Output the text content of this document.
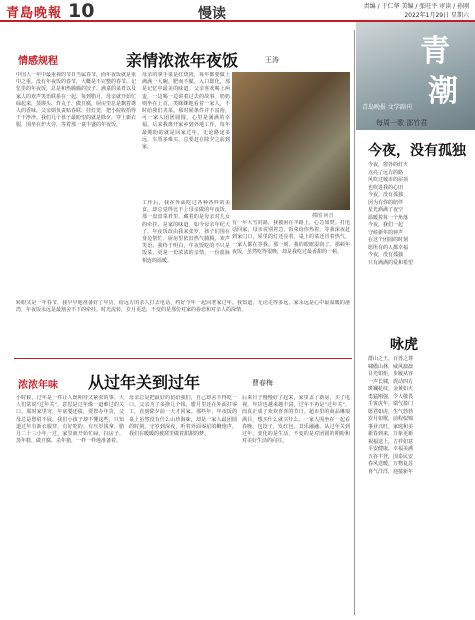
青島晚報 10	慢读	责编 / 于仁华 美编 / 张旺平 审读 / 孙刚
2022年1月29日 星期六
情感规程	亲情浓浓年夜饭	王涛
中国人一年中最重视的节日当属春节，而年夜饭就是重中之重。没有年夜饭的春节，大概是不完整的春节。记忆里的年夜饭，总是和热腾腾的饺子、满桌的菜肴以及家人的欢声笑语联系在一起。每到腊月，母亲就开始忙碌起来，蒸馒头、炸丸子、做豆腐，厨房里总是飘着诱人的香味。父亲则负责贴春联、挂灯笼，把小院收拾得干干净净。我们几个孩子最盼望的就是除夕，穿上新衣服，围坐在炉火旁，等着那一桌丰盛的年夜饭。
母亲的拿手菜是红烧肉，每年都要做上满满一大碗。肥而不腻，入口即化，那是记忆中最美的味道。父亲喜欢喝上两盅，一边喝一边讲着过去的故事。奶奶则坐在上首，笑眯眯地看着一家人，不时给我们夹菜。那时候条件并不富裕，可一家人团团圆圆，心里是满满的幸福。后来我离开家乡到外地工作，每年最期盼的就是回家过年。无论路途多远，车票多难买，总要赶在除夕之前到家。
插图 何音
工作后，我在外面吃过各种各样的美食，却总觉得比不上母亲做的年夜饭。那一盘盘菜肴里，藏着的是母亲对儿女的牵挂，是家的味道。如今母亲年纪大了，年夜饭改由我来张罗，孩子们围在身边帮忙，厨房里依旧热气腾腾，欢声笑语。我终于明白，年夜饭吃的不只是饭菜，更是一份浓浓的亲情，一份血脉相连的温暖。
有一年大雪封路，我被困在半路上，心急如焚。打电话回家，母亲说别着急，饭菜给你热着。等我深夜赶到家门口，屋里的灯还亮着，桌上的菜还冒着热气，一家人都在等我。那一刻，我的眼眶湿润了。那顿年夜饭，虽然吃得很晚，却是我吃过最香甜的一顿。
转眼又是一年春节，我早早地准备好了年货，给远方的亲人打去电话，约好今年一起回老家过年。我知道，无论走得多远，家永远是心中最温暖的港湾，年夜饭永远是最割舍不下的牵挂。时光流转，岁月更迭，不变的是那份对家的眷恋和对亲人的深情。
青
潮
青岛晚报 文学副刊
每周一歌 邵竹君
今夜，没有孤独
今夜，窗外的灯火
点亮了远方的路
风吹过城市的屋顶
也吹进我的心田
今夜，没有孤独
因为有你的陪伴
星光洒满了夜空
温暖着每一个角落
今夜，我们一起
守候新年的钟声
在这个团圆的时刻
愿所有的人都幸福
今夜，没有孤独
只有满满的爱和希望
咏虎
群山之王，百兽之尊
啸傲山林，威风凛凛
目光如炬，步履从容
一声长啸，震动四方
斑斓花纹，金黄如火
勇猛刚强，令人敬畏
壬寅虎年，瑞气盈门
愿君如虎，生气勃勃
岁月如歌，前程似锦
事业兴旺，家庭和美
新春到来，万象更新
祝福送上，吉祥如意
平安健康，幸福美满
五谷丰登，国泰民安
春风送暖，万物复苏
喜气洋洋，迎接新年
浓浓年味 从过年关到过年	曹春梅
小时候，过年是一件让人既期待又紧张的事。大人们常说"过年关"，意思是过年像一道难过的关口。那时家里穷，年底要还债，要置办年货，父母总是愁眉不展。我们小孩子却不懂这些，只知道过年有新衣服穿，有好吃的，有压岁钱拿。腊月二十三小年一过，家里就开始忙碌，扫房子、蒸年糕、做豆腐、杀年猪，一样一样地准备着。
母亲总是把最好的留给我们，自己却舍不得吃一口。父亲为了多挣几个钱，腊月里还在外面打零工，直到除夕前一天才回家。那些年，年夜饭的桌上虽然没有什么山珍海味，却是一家人最团圆的时刻。守岁到深夜，听着外面零星的鞭炮声，我们在暖暖的被窝里做着甜甜的梦。
后来日子慢慢好了起来，家里盖了新房，买了电视，年货也越来越丰富。过年不再是"过年关"，而真正成了欢欢喜喜的节日。超市里的商品琳琅满目，想买什么就买什么。一家人围坐在一起看春晚，包饺子，发红包，其乐融融。从过年关到过年，变化的是生活，不变的是对团圆的期盼和对美好生活的向往。
